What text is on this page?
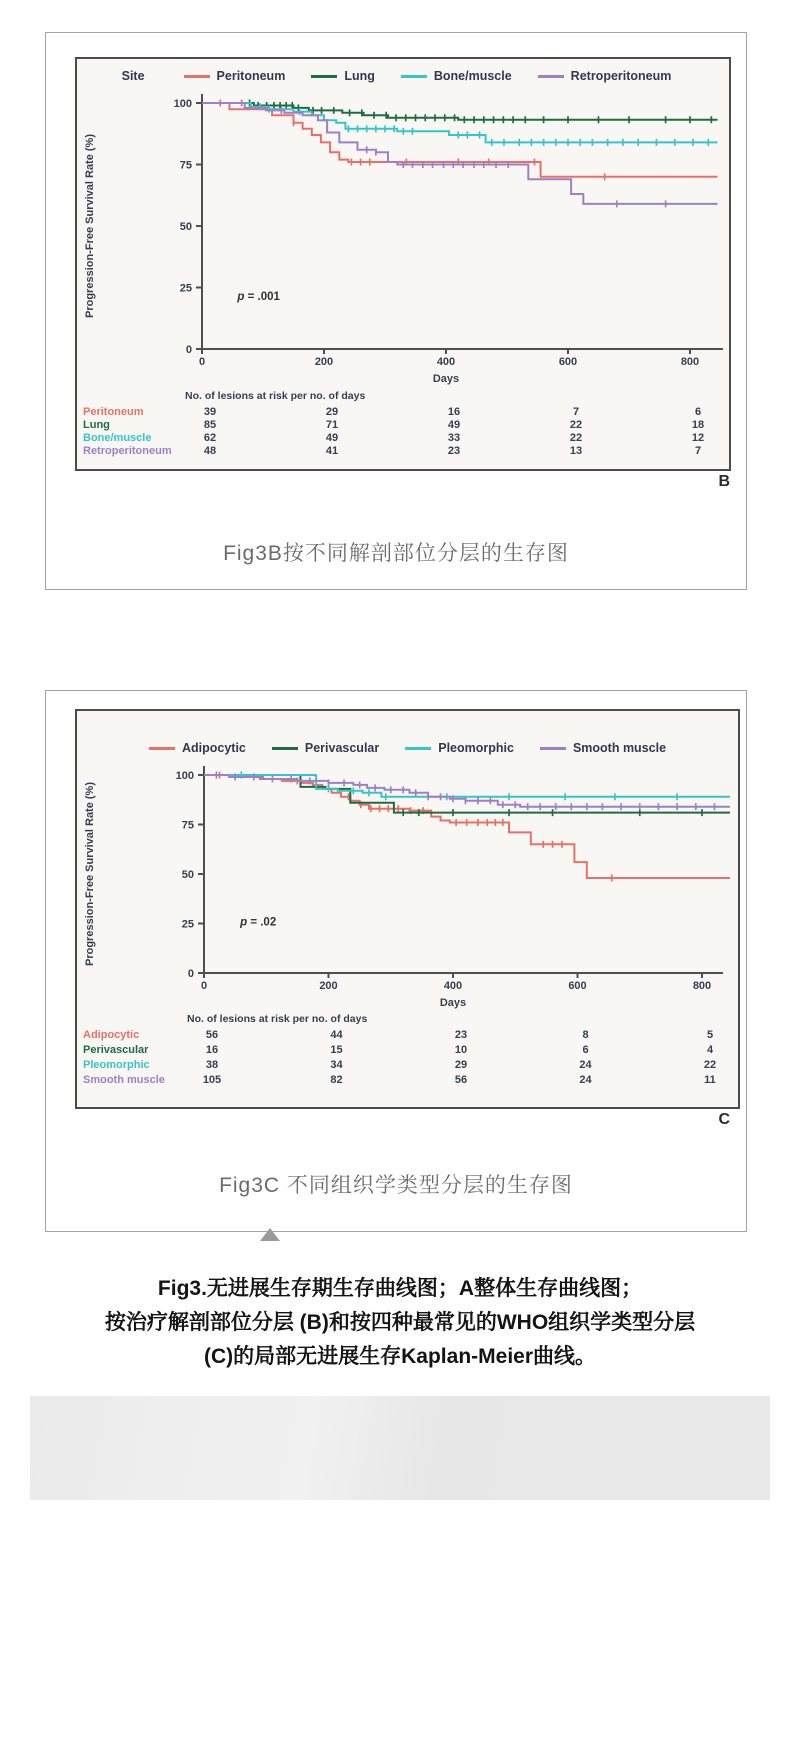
Site	Peritoneum	Lung	Bone/muscle	Retroperitoneum
0
25
50
75
100
0	200	400	600	800
Days
Progression-Free Survival Rate (%)	p = .001
No. of lesions at risk per no. of days
Peritoneum	39	29	16	7	6
Lung	85	71	49	22	18
Bone/muscle	62	49	33	22	12
Retroperitoneum	48	41	23	13	7
B
Fig3B按不同解剖部位分层的生存图
Adipocytic	Perivascular	Pleomorphic	Smooth muscle
0
25
50
75
100
0	200	400	600	800
Days
Progression-Free Survival Rate (%)	p = .02
No. of lesions at risk per no. of days
Adipocytic	56	44	23	8	5
Perivascular	16	15	10	6	4
Pleomorphic	38	34	29	24	22
Smooth muscle	105	82	56	24	11
C
Fig3C 不同组织学类型分层的生存图
Fig3.无进展生存期生存曲线图；A整体生存曲线图；
按治疗解剖部位分层 (B)和按四种最常见的WHO组织学类型分层
(C)的局部无进展生存Kaplan-Meier曲线。
